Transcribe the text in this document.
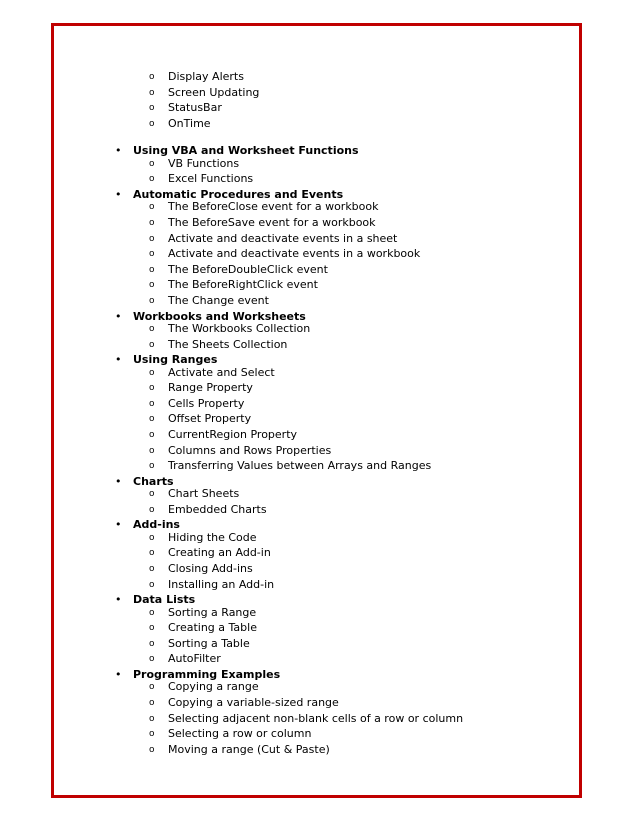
o Display Alerts
o Screen Updating
o StatusBar
o OnTime
• Using VBA and Worksheet Functions
o VB Functions
o Excel Functions
• Automatic Procedures and Events
o The BeforeClose event for a workbook
o The BeforeSave event for a workbook
o Activate and deactivate events in a sheet
o Activate and deactivate events in a workbook
o The BeforeDoubleClick event
o The BeforeRightClick event
o The Change event
• Workbooks and Worksheets
o The Workbooks Collection
o The Sheets Collection
• Using Ranges
o Activate and Select
o Range Property
o Cells Property
o Offset Property
o CurrentRegion Property
o Columns and Rows Properties
o Transferring Values between Arrays and Ranges
• Charts
o Chart Sheets
o Embedded Charts
• Add-ins
o Hiding the Code
o Creating an Add-in
o Closing Add-ins
o Installing an Add-in
• Data Lists
o Sorting a Range
o Creating a Table
o Sorting a Table
o AutoFilter
• Programming Examples
o Copying a range
o Copying a variable-sized range
o Selecting adjacent non-blank cells of a row or column
o Selecting a row or column
o Moving a range (Cut & Paste)
